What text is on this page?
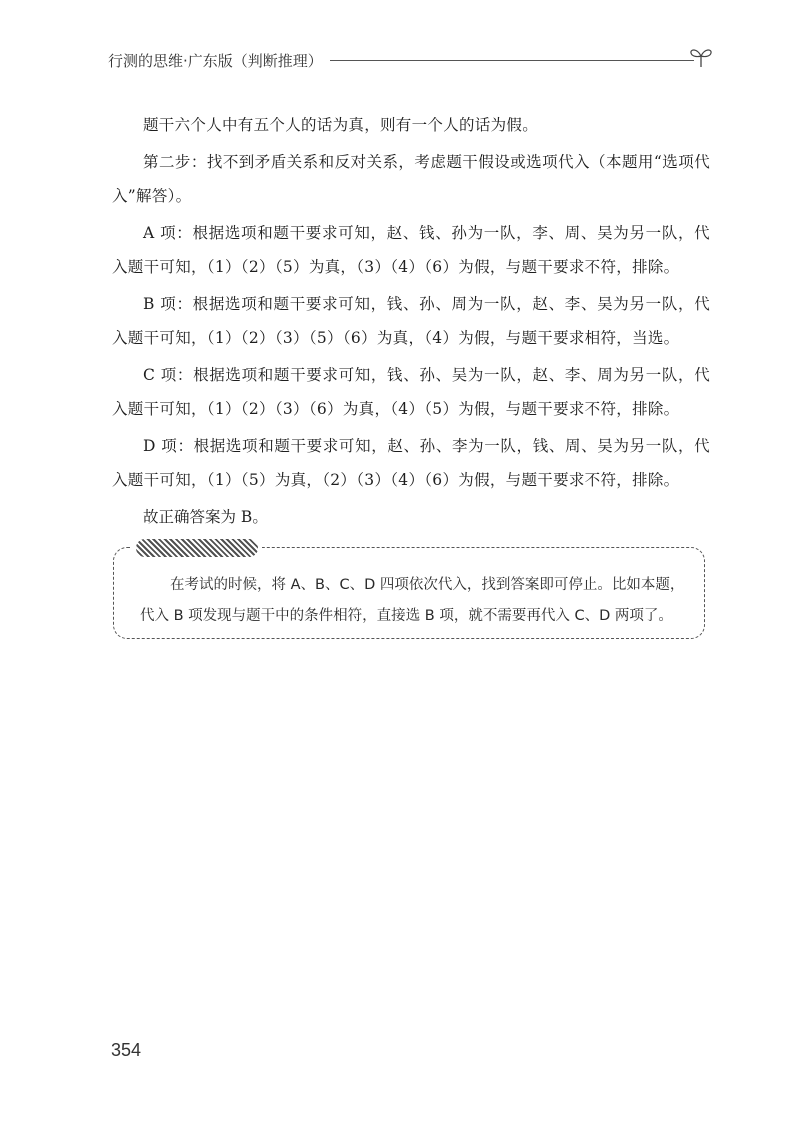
行测的思维·广东版（判断推理）

题干六个人中有五个人的话为真，则有一个人的话为假。

第二步：找不到矛盾关系和反对关系，考虑题干假设或选项代入（本题用“选项代入”解答）。

A 项：根据选项和题干要求可知，赵、钱、孙为一队，李、周、吴为另一队，代入题干可知，（1）（2）（5）为真，（3）（4）（6）为假，与题干要求不符，排除。

B 项：根据选项和题干要求可知，钱、孙、周为一队，赵、李、吴为另一队，代入题干可知，（1）（2）（3）（5）（6）为真，（4）为假，与题干要求相符，当选。

C 项：根据选项和题干要求可知，钱、孙、吴为一队，赵、李、周为另一队，代入题干可知，（1）（2）（3）（6）为真，（4）（5）为假，与题干要求不符，排除。

D 项：根据选项和题干要求可知，赵、孙、李为一队，钱、周、吴为另一队，代入题干可知，（1）（5）为真，（2）（3）（4）（6）为假，与题干要求不符，排除。

故正确答案为 B。

在考试的时候，将 A、B、C、D 四项依次代入，找到答案即可停止。比如本题，
代入 B 项发现与题干中的条件相符，直接选 B 项，就不需要再代入 C、D 两项了。
354
